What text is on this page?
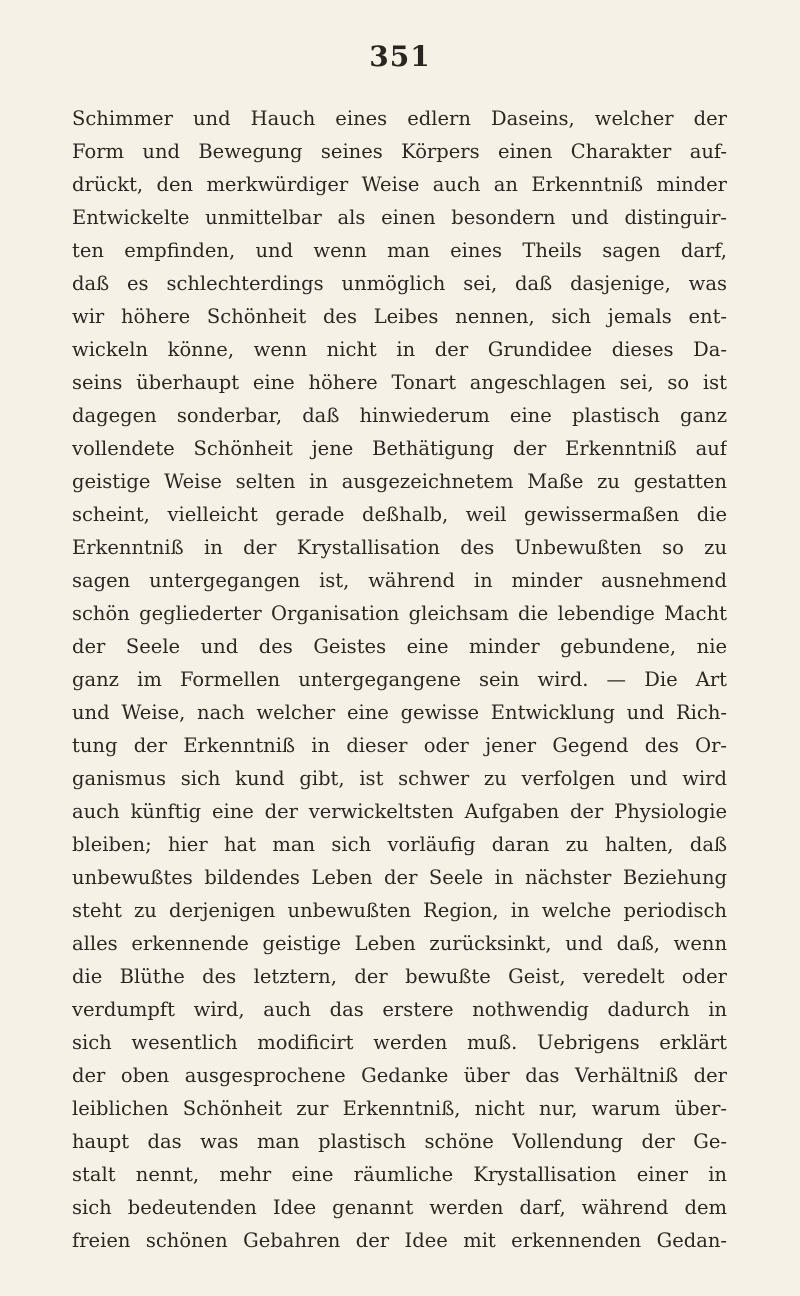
351
Schimmer und Hauch eines edlern Daseins, welcher der
Form und Bewegung seines Körpers einen Charakter auf-
drückt, den merkwürdiger Weise auch an Erkenntniß minder
Entwickelte unmittelbar als einen besondern und distinguir-
ten empfinden, und wenn man eines Theils sagen darf,
daß es schlechterdings unmöglich sei, daß dasjenige, was
wir höhere Schönheit des Leibes nennen, sich jemals ent-
wickeln könne, wenn nicht in der Grundidee dieses Da-
seins überhaupt eine höhere Tonart angeschlagen sei, so ist
dagegen sonderbar, daß hinwiederum eine plastisch ganz
vollendete Schönheit jene Bethätigung der Erkenntniß auf
geistige Weise selten in ausgezeichnetem Maße zu gestatten
scheint, vielleicht gerade deßhalb, weil gewissermaßen die
Erkenntniß in der Krystallisation des Unbewußten so zu
sagen untergegangen ist, während in minder ausnehmend
schön gegliederter Organisation gleichsam die lebendige Macht
der Seele und des Geistes eine minder gebundene, nie
ganz im Formellen untergegangene sein wird. — Die Art
und Weise, nach welcher eine gewisse Entwicklung und Rich-
tung der Erkenntniß in dieser oder jener Gegend des Or-
ganismus sich kund gibt, ist schwer zu verfolgen und wird
auch künftig eine der verwickeltsten Aufgaben der Physiologie
bleiben; hier hat man sich vorläufig daran zu halten, daß
unbewußtes bildendes Leben der Seele in nächster Beziehung
steht zu derjenigen unbewußten Region, in welche periodisch
alles erkennende geistige Leben zurücksinkt, und daß, wenn
die Blüthe des letztern, der bewußte Geist, veredelt oder
verdumpft wird, auch das erstere nothwendig dadurch in
sich wesentlich modificirt werden muß. Uebrigens erklärt
der oben ausgesprochene Gedanke über das Verhältniß der
leiblichen Schönheit zur Erkenntniß, nicht nur, warum über-
haupt das was man plastisch schöne Vollendung der Ge-
stalt nennt, mehr eine räumliche Krystallisation einer in
sich bedeutenden Idee genannt werden darf, während dem
freien schönen Gebahren der Idee mit erkennenden Gedan-
